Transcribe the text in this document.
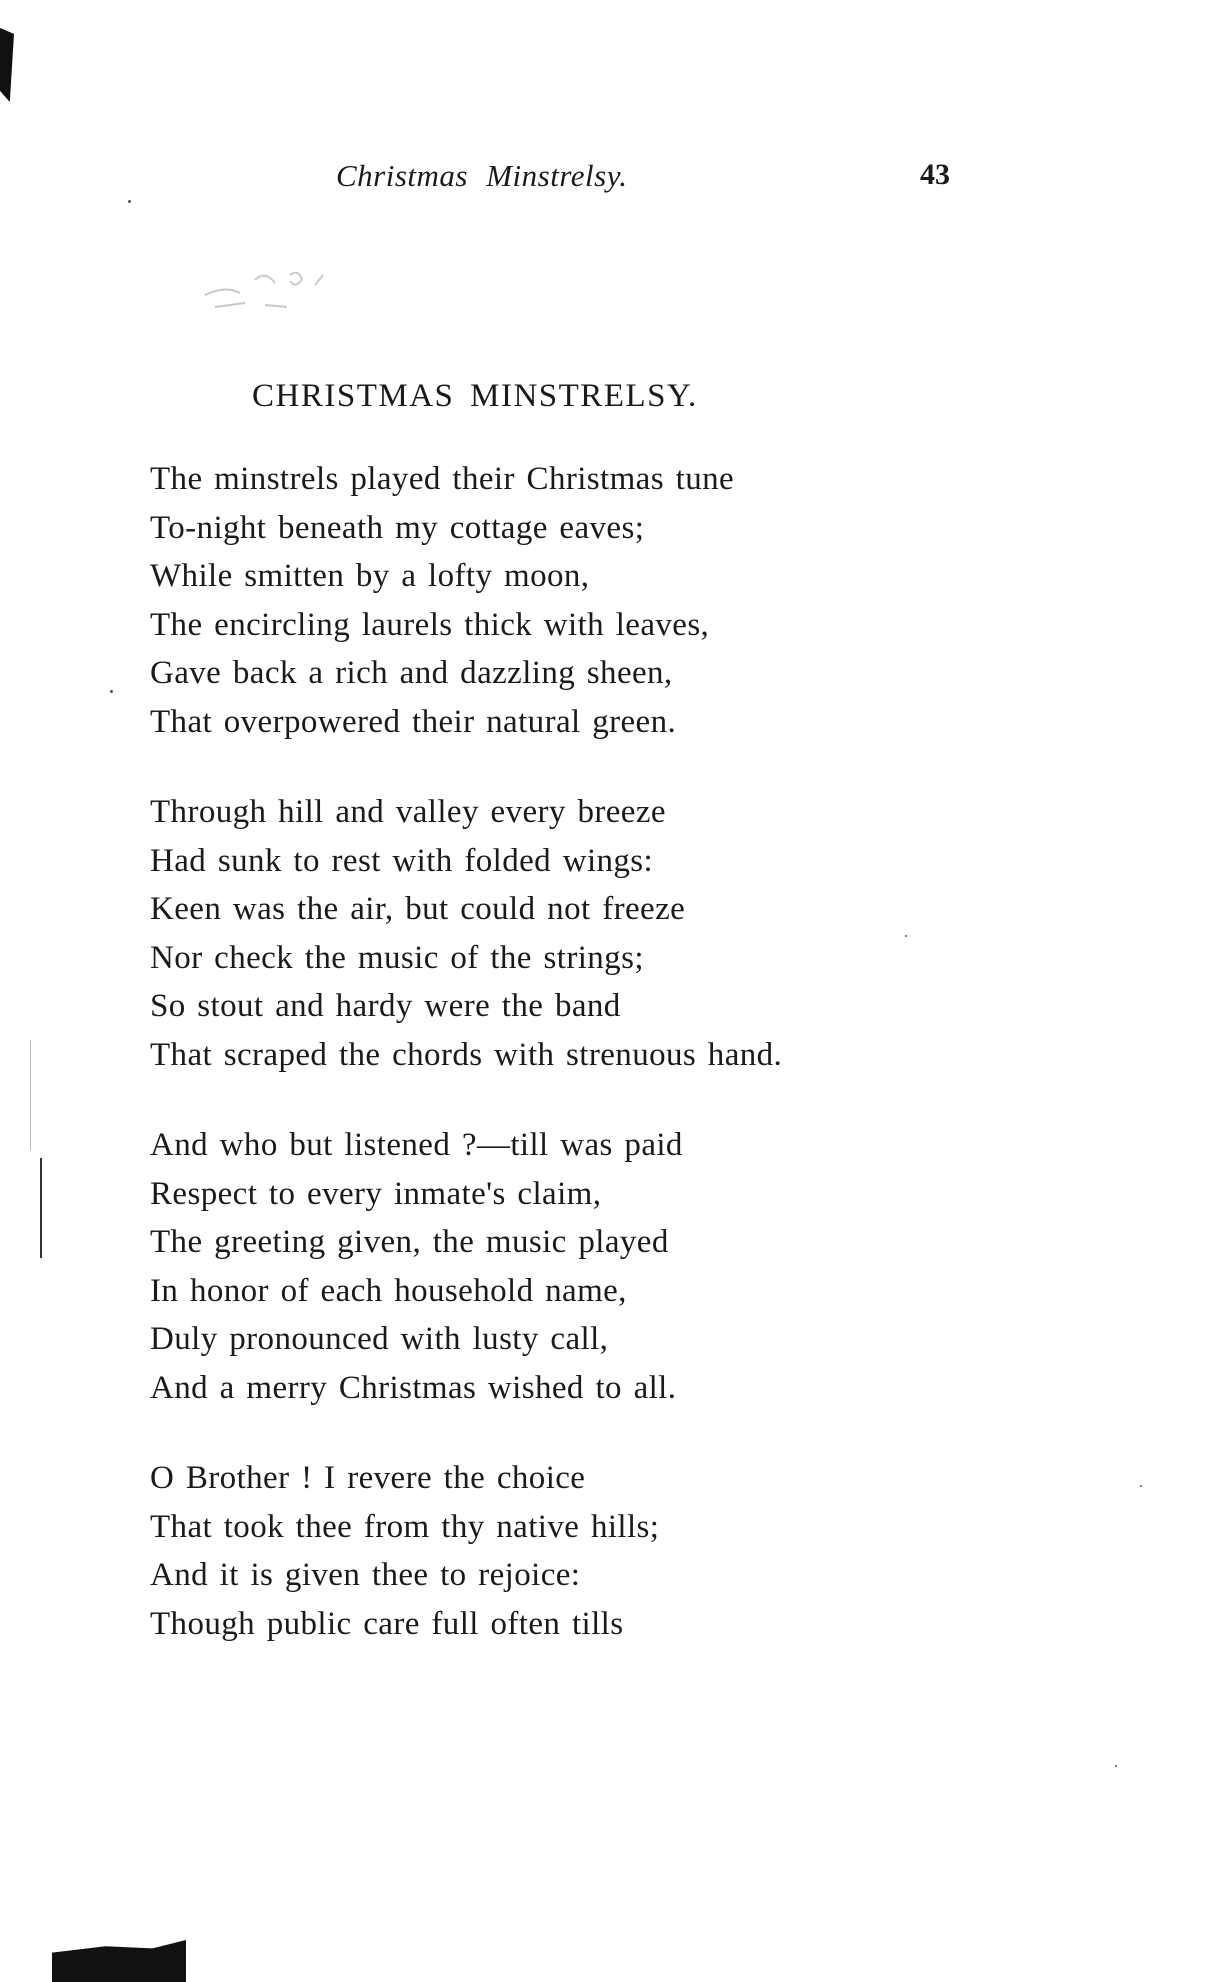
Christmas Minstrelsy.	43
CHRISTMAS MINSTRELSY.
The minstrels played their Christmas tune
To-night beneath my cottage eaves;
While smitten by a lofty moon,
The encircling laurels thick with leaves,
Gave back a rich and dazzling sheen,
That overpowered their natural green.
Through hill and valley every breeze
Had sunk to rest with folded wings:
Keen was the air, but could not freeze
Nor check the music of the strings;
So stout and hardy were the band
That scraped the chords with strenuous hand.
And who but listened ?—till was paid
Respect to every inmate's claim,
The greeting given, the music played
In honor of each household name,
Duly pronounced with lusty call,
And a merry Christmas wished to all.
O Brother ! I revere the choice
That took thee from thy native hills;
And it is given thee to rejoice:
Though public care full often tills
